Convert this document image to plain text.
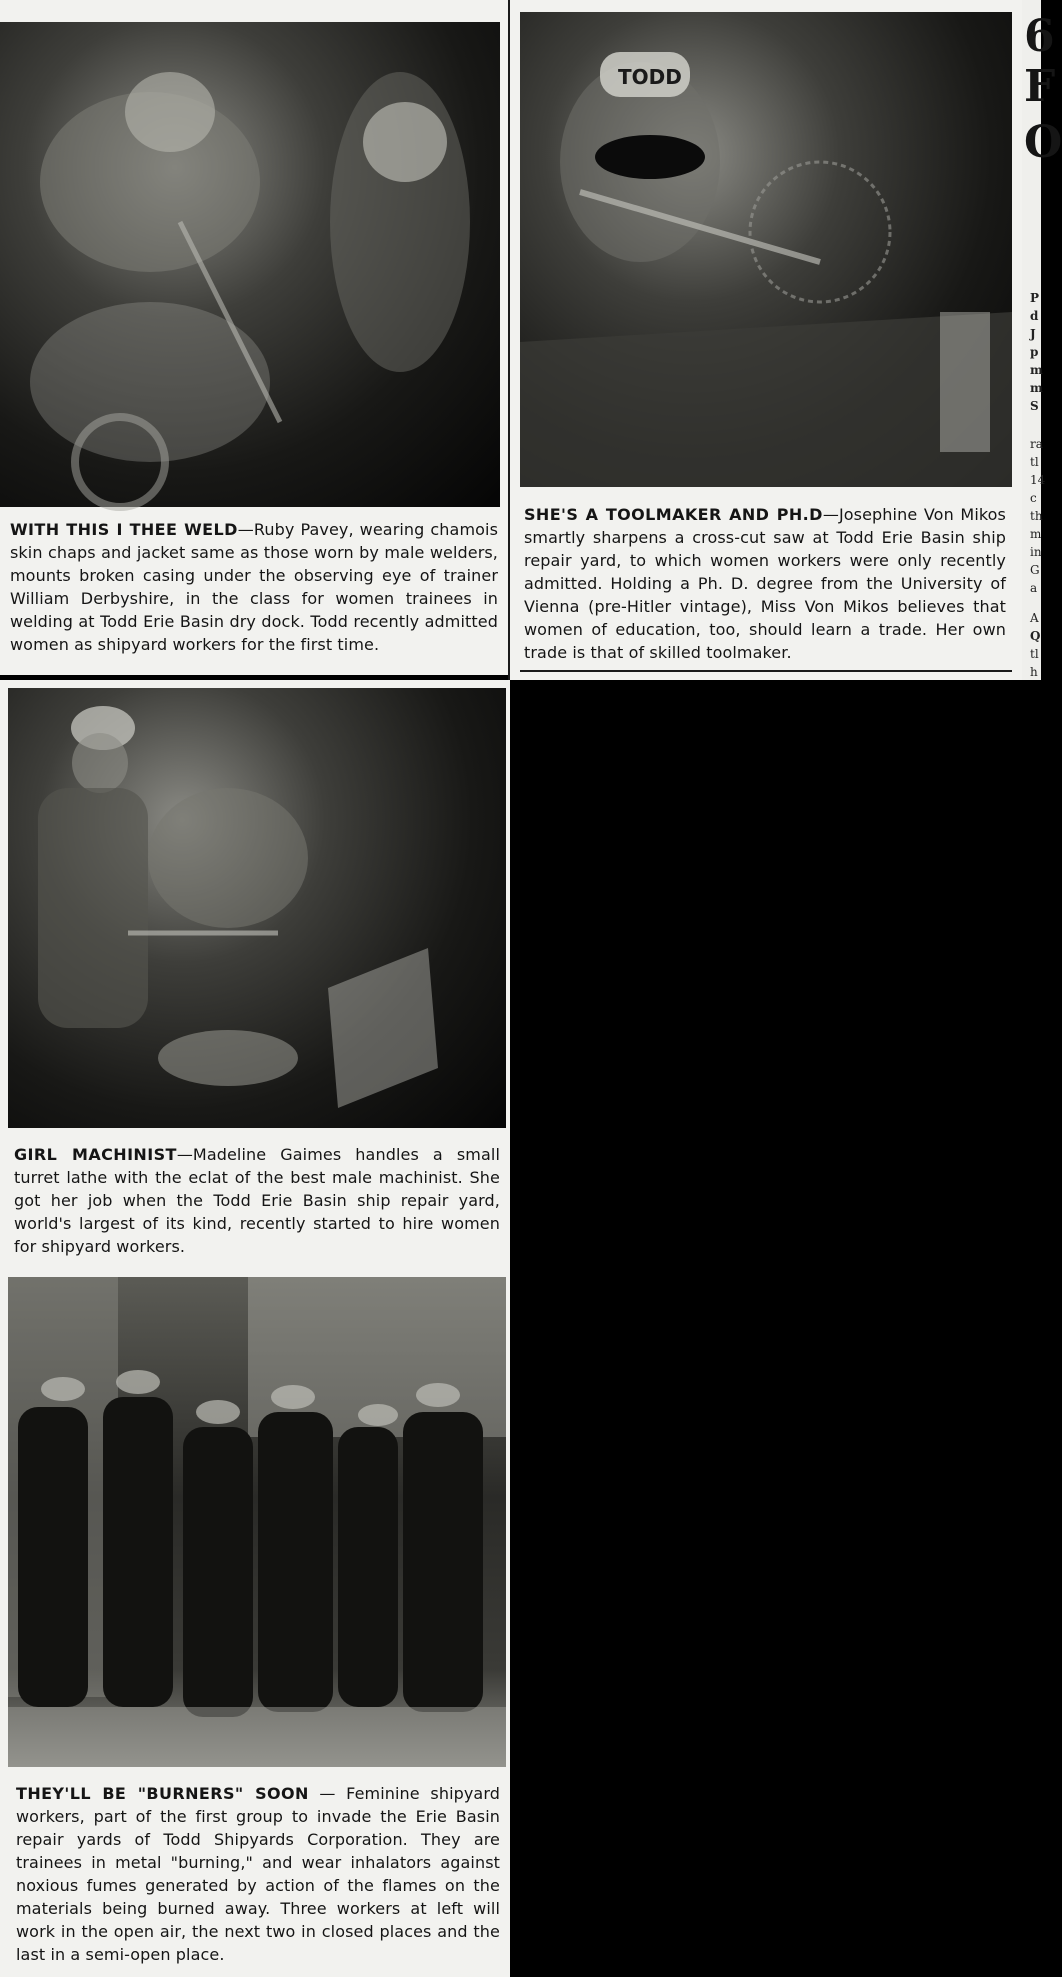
WITH THIS I THEE WELD—Ruby Pavey, wearing chamois skin chaps and jacket same as those worn by male welders, mounts broken casing under the observing eye of trainer William Derbyshire, in the class for women trainees in welding at Todd Erie Basin dry dock. Todd recently admitted women as shipyard workers for the first time.
TODD
SHE'S A TOOLMAKER AND PH.D—Josephine Von Mikos smartly sharpens a cross-cut saw at Todd Erie Basin ship repair yard, to which women workers were only recently admitted. Holding a Ph. D. degree from the University of Vienna (pre-Hitler vintage), Miss Von Mikos believes that women of education, too, should learn a trade. Her own trade is that of skilled toolmaker.
6
F
O
P
d
J
p
m
m
S
ra
tl
14
c
th
m
in
G
a
A
Q
tl
h
GIRL MACHINIST—Madeline Gaimes handles a small turret lathe with the eclat of the best male machinist. She got her job when the Todd Erie Basin ship repair yard, world's largest of its kind, recently started to hire women for shipyard workers.
THEY'LL BE "BURNERS" SOON — Feminine shipyard workers, part of the first group to invade the Erie Basin repair yards of Todd Shipyards Corporation. They are trainees in metal "burning," and wear inhalators against noxious fumes generated by action of the flames on the materials being burned away. Three workers at left will work in the open air, the next two in closed places and the last in a semi-open place.
